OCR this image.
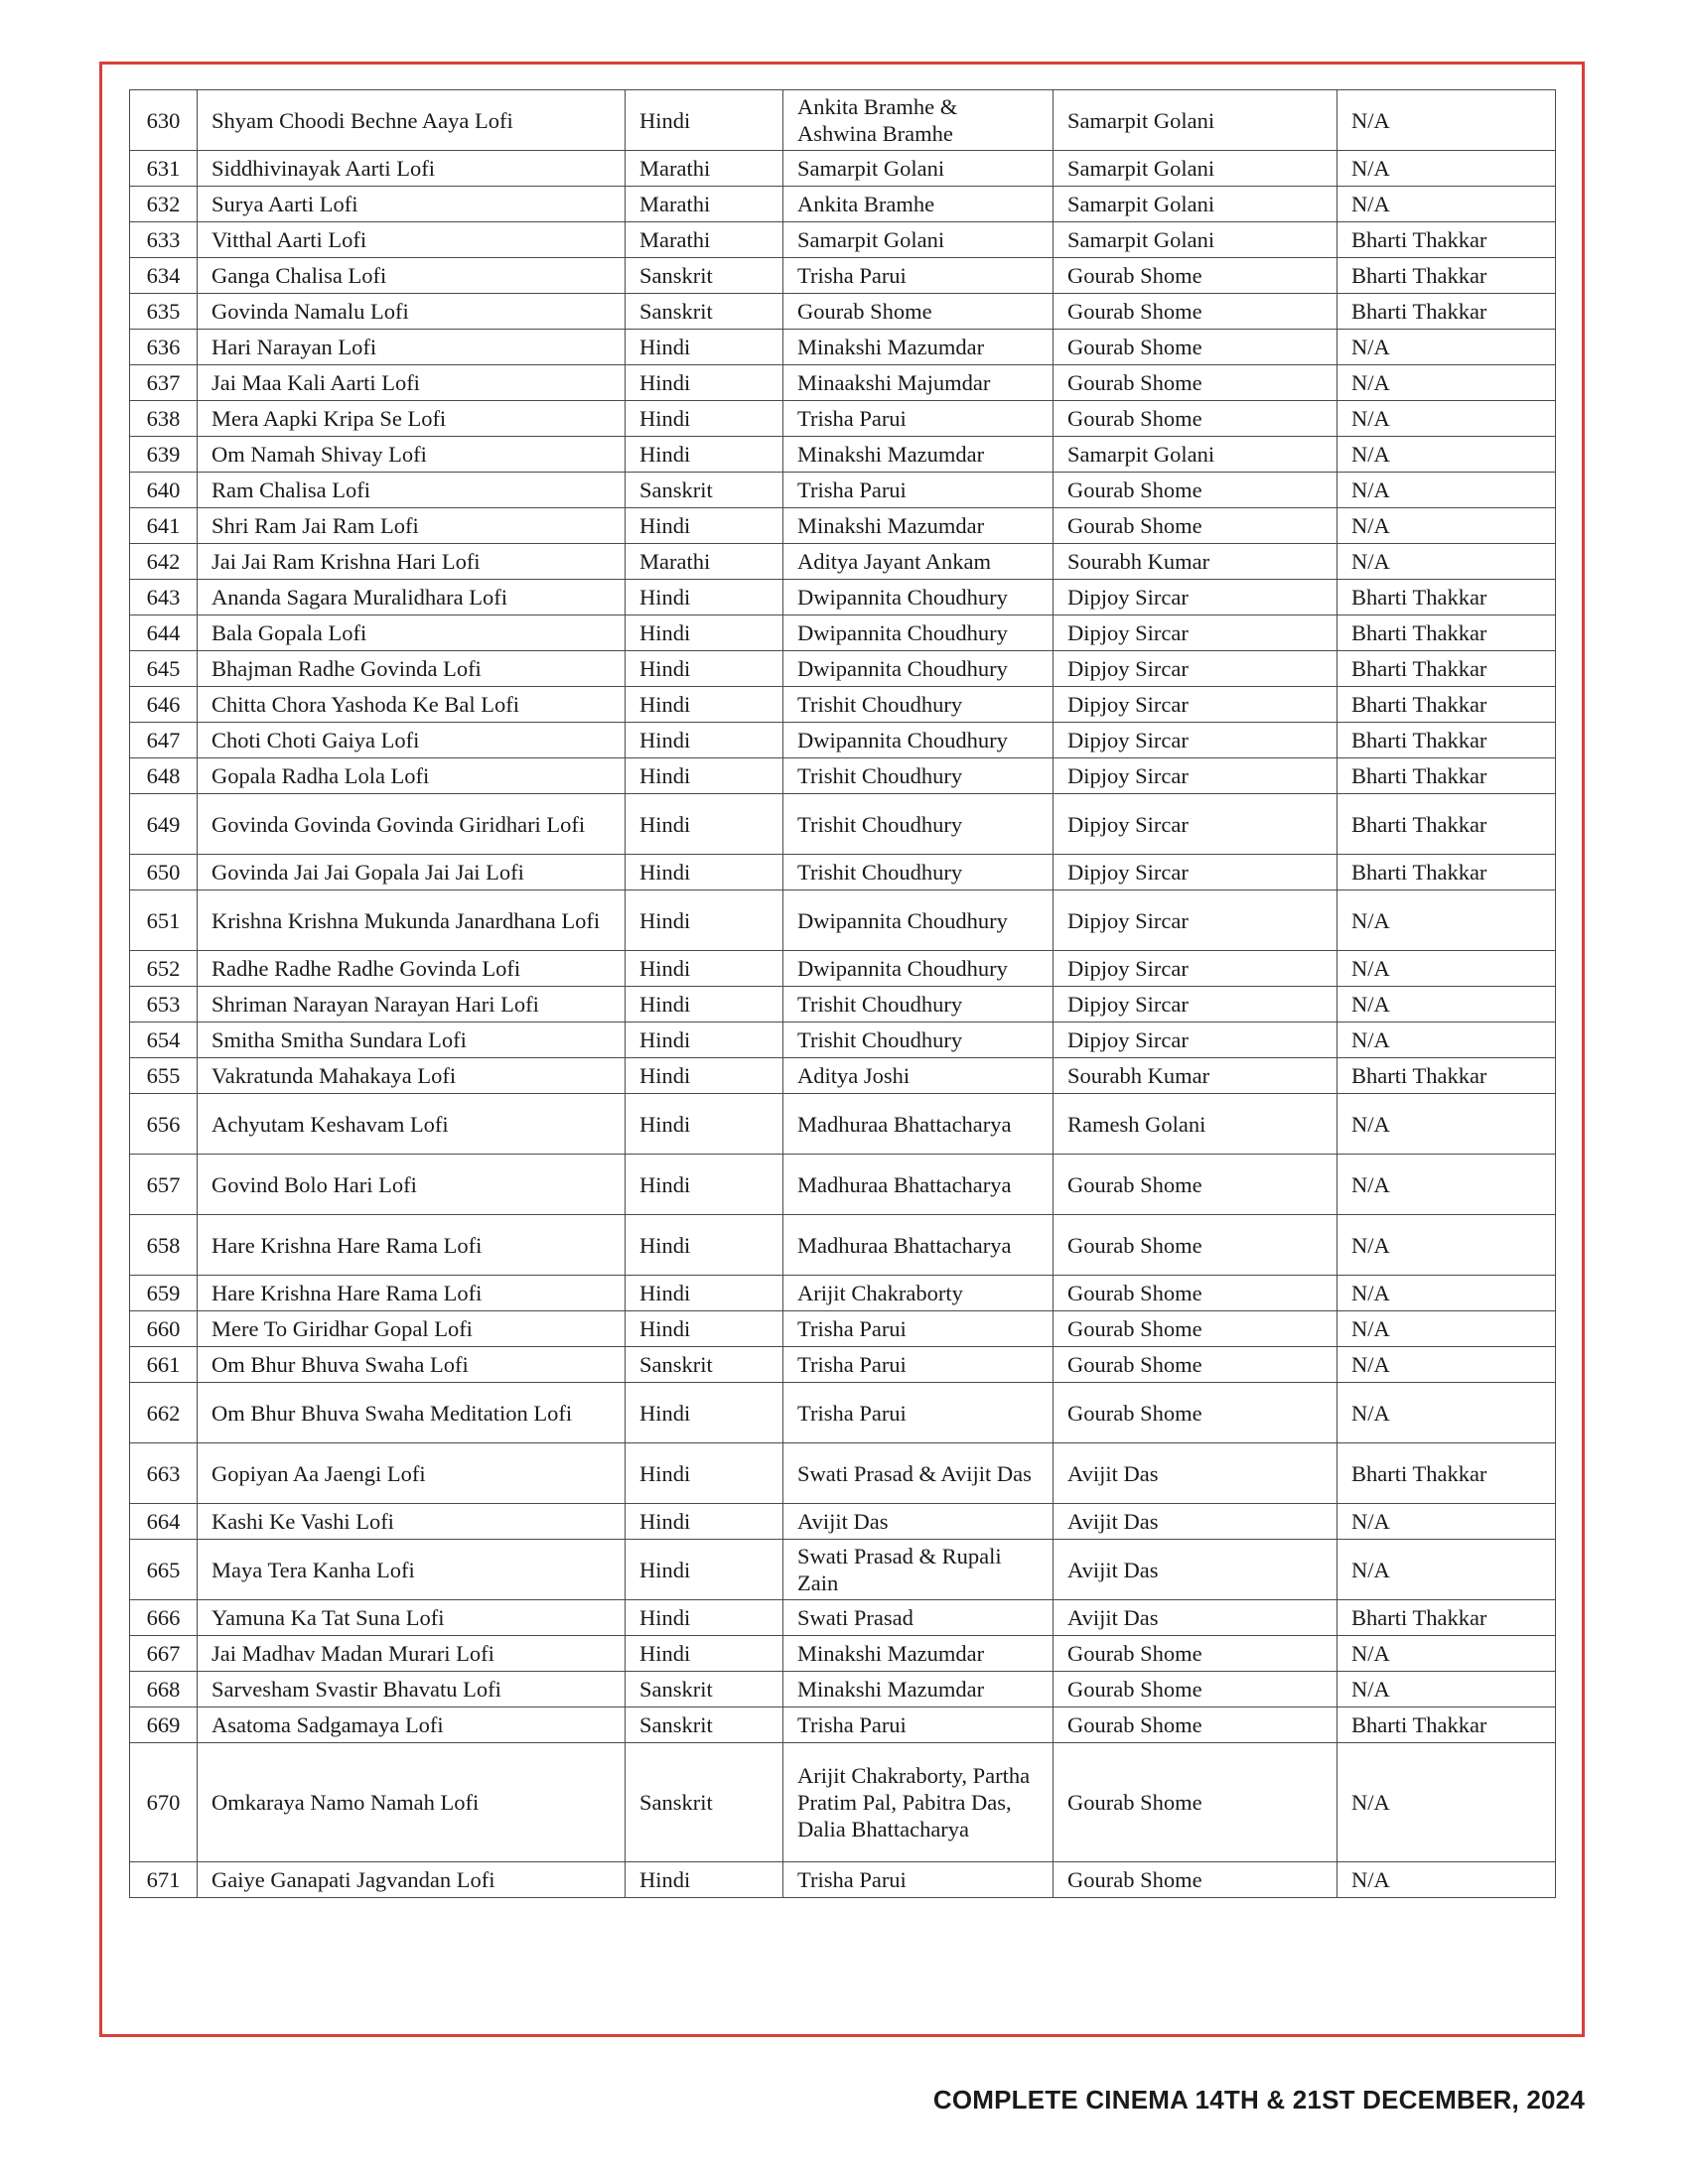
630	Shyam Choodi Bechne Aaya Lofi	Hindi	Ankita Bramhe & Ashwina Bramhe	Samarpit Golani	N/A
631	Siddhivinayak Aarti Lofi	Marathi	Samarpit Golani	Samarpit Golani	N/A
632	Surya Aarti Lofi	Marathi	Ankita Bramhe	Samarpit Golani	N/A
633	Vitthal Aarti Lofi	Marathi	Samarpit Golani	Samarpit Golani	Bharti Thakkar
634	Ganga Chalisa Lofi	Sanskrit	Trisha Parui	Gourab Shome	Bharti Thakkar
635	Govinda Namalu Lofi	Sanskrit	Gourab Shome	Gourab Shome	Bharti Thakkar
636	Hari Narayan Lofi	Hindi	Minakshi Mazumdar	Gourab Shome	N/A
637	Jai Maa Kali Aarti Lofi	Hindi	Minaakshi Majumdar	Gourab Shome	N/A
638	Mera Aapki Kripa Se Lofi	Hindi	Trisha Parui	Gourab Shome	N/A
639	Om Namah Shivay Lofi	Hindi	Minakshi Mazumdar	Samarpit Golani	N/A
640	Ram Chalisa Lofi	Sanskrit	Trisha Parui	Gourab Shome	N/A
641	Shri Ram Jai Ram Lofi	Hindi	Minakshi Mazumdar	Gourab Shome	N/A
642	Jai Jai Ram Krishna Hari Lofi	Marathi	Aditya Jayant Ankam	Sourabh Kumar	N/A
643	Ananda Sagara Muralidhara Lofi	Hindi	Dwipannita Choudhury	Dipjoy Sircar	Bharti Thakkar
644	Bala Gopala Lofi	Hindi	Dwipannita Choudhury	Dipjoy Sircar	Bharti Thakkar
645	Bhajman Radhe Govinda Lofi	Hindi	Dwipannita Choudhury	Dipjoy Sircar	Bharti Thakkar
646	Chitta Chora Yashoda Ke Bal Lofi	Hindi	Trishit Choudhury	Dipjoy Sircar	Bharti Thakkar
647	Choti Choti Gaiya Lofi	Hindi	Dwipannita Choudhury	Dipjoy Sircar	Bharti Thakkar
648	Gopala Radha Lola Lofi	Hindi	Trishit Choudhury	Dipjoy Sircar	Bharti Thakkar
649	Govinda Govinda Govinda Giridhari Lofi	Hindi	Trishit Choudhury	Dipjoy Sircar	Bharti Thakkar
650	Govinda Jai Jai Gopala Jai Jai Lofi	Hindi	Trishit Choudhury	Dipjoy Sircar	Bharti Thakkar
651	Krishna Krishna Mukunda Janardhana Lofi	Hindi	Dwipannita Choudhury	Dipjoy Sircar	N/A
652	Radhe Radhe Radhe Govinda Lofi	Hindi	Dwipannita Choudhury	Dipjoy Sircar	N/A
653	Shriman Narayan Narayan Hari Lofi	Hindi	Trishit Choudhury	Dipjoy Sircar	N/A
654	Smitha Smitha Sundara Lofi	Hindi	Trishit Choudhury	Dipjoy Sircar	N/A
655	Vakratunda Mahakaya Lofi	Hindi	Aditya Joshi	Sourabh Kumar	Bharti Thakkar
656	Achyutam Keshavam Lofi	Hindi	Madhuraa Bhattacharya	Ramesh Golani	N/A
657	Govind Bolo Hari Lofi	Hindi	Madhuraa Bhattacharya	Gourab Shome	N/A
658	Hare Krishna Hare Rama Lofi	Hindi	Madhuraa Bhattacharya	Gourab Shome	N/A
659	Hare Krishna Hare Rama Lofi	Hindi	Arijit Chakraborty	Gourab Shome	N/A
660	Mere To Giridhar Gopal Lofi	Hindi	Trisha Parui	Gourab Shome	N/A
661	Om Bhur Bhuva Swaha Lofi	Sanskrit	Trisha Parui	Gourab Shome	N/A
662	Om Bhur Bhuva Swaha Meditation Lofi	Hindi	Trisha Parui	Gourab Shome	N/A
663	Gopiyan Aa Jaengi Lofi	Hindi	Swati Prasad & Avijit Das	Avijit Das	Bharti Thakkar
664	Kashi Ke Vashi Lofi	Hindi	Avijit Das	Avijit Das	N/A
665	Maya Tera Kanha Lofi	Hindi	Swati Prasad & Rupali Zain	Avijit Das	N/A
666	Yamuna Ka Tat Suna Lofi	Hindi	Swati Prasad	Avijit Das	Bharti Thakkar
667	Jai Madhav Madan Murari Lofi	Hindi	Minakshi Mazumdar	Gourab Shome	N/A
668	Sarvesham Svastir Bhavatu Lofi	Sanskrit	Minakshi Mazumdar	Gourab Shome	N/A
669	Asatoma Sadgamaya Lofi	Sanskrit	Trisha Parui	Gourab Shome	Bharti Thakkar
670	Omkaraya Namo Namah Lofi	Sanskrit	Arijit Chakraborty, Partha Pratim Pal, Pabitra Das, Dalia Bhattacharya	Gourab Shome	N/A
671	Gaiye Ganapati Jagvandan Lofi	Hindi	Trisha Parui	Gourab Shome	N/A
COMPLETE CINEMA 14TH & 21ST DECEMBER, 2024
